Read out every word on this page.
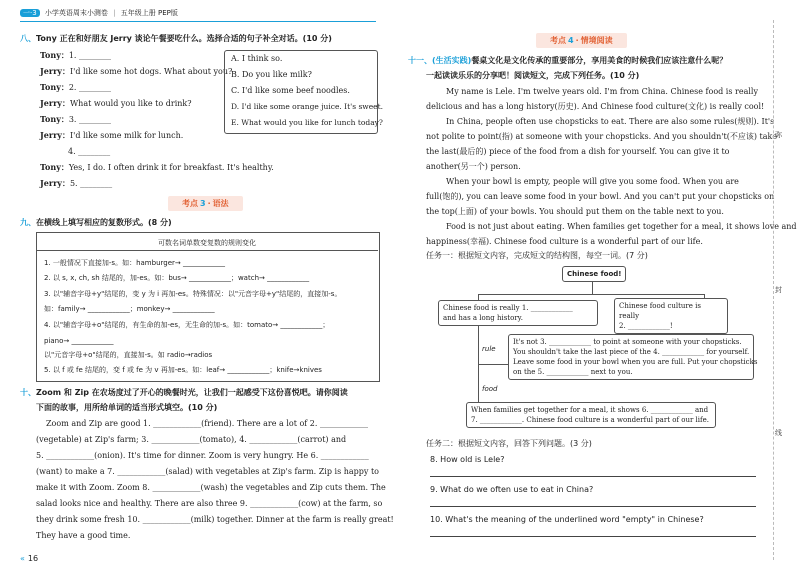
一·3 小学英语周末小测卷 | 五年级上册 PEP版
八、Tony 正在和好朋友 Jerry 谈论午餐要吃什么。选择合适的句子补全对话。(10 分)
Tony：1. ________
Jerry：I'd like some hot dogs. What about you?
Tony：2. ________
Jerry：What would you like to drink?
Tony：3. ________
Jerry：I'd like some milk for lunch.
4. ________
Tony：Yes, I do. I often drink it for breakfast. It's healthy.
Jerry：5. ________
A. I think so.
B. Do you like milk?
C. I'd like some beef noodles.
D. I'd like some orange juice. It's sweet.
E. What would you like for lunch today?
考点 3 · 语法
九、在横线上填写相应的复数形式。(8 分)
可数名词单数变复数的规则变化
1. 一般情况下直接加-s。如：hamburger→ ____________
2. 以 s, x, ch, sh 结尾的，加-es。如：bus→ ____________；watch→ ____________
3. 以"辅音字母+y"结尾的，变 y 为 i 再加-es。特殊情况：以"元音字母+y"结尾的，直接加-s。
如：family→ ____________；monkey→ ____________
4. 以"辅音字母+o"结尾的，有生命的加-es，无生命的加-s。如：tomato→ ____________；
piano→ ____________
以"元音字母+o"结尾的，直接加-s。如 radio→radios
5. 以 f 或 fe 结尾的，变 f 或 fe 为 v 再加-es。如：leaf→ ____________；knife→knives
十、Zoom 和 Zip 在农场度过了开心的晚餐时光，让我们一起感受下这份喜悦吧。请你阅读
下面的故事，用所给单词的适当形式填空。(10 分)
Zoom and Zip are good 1. ____________(friend). There are a lot of 2. ____________
(vegetable) at Zip's farm; 3. ____________(tomato), 4. ____________(carrot) and
5. ____________(onion). It's time for dinner. Zoom is very hungry. He 6. ____________
(want) to make a 7. ____________(salad) with vegetables at Zip's farm. Zip is happy to
make it with Zoom. Zoom 8. ____________(wash) the vegetables and Zip cuts them. The
salad looks nice and healthy. There are also three 9. ____________(cow) at the farm, so
they drink some fresh 10. ____________(milk) together. Dinner at the farm is really great!
They have a good time.
« 16
考点 4 · 情境阅读
十一、(生活实践)餐桌文化是文化传承的重要部分，享用美食的时候我们应该注意什么呢？
一起读读乐乐的分享吧！阅读短文，完成下列任务。(10 分)
My name is Lele. I'm twelve years old. I'm from China. Chinese food is really
delicious and has a long history(历史). And Chinese food culture(文化) is really cool!
In China, people often use chopsticks to eat. There are also some rules(规则). It's
not polite to point(指) at someone with your chopsticks. And you shouldn't(不应该) take
the last(最后的) piece of the food from a dish for yourself. You can give it to
another(另一个) person.
When your bowl is empty, people will give you some food. When you are
full(饱的), you can leave some food in your bowl. And you can't put your chopsticks on
the top(上面) of your bowls. You should put them on the table next to you.
Food is not just about eating. When families get together for a meal, it shows love and
happiness(幸福). Chinese food culture is a wonderful part of our life.
任务一：根据短文内容，完成短文的结构图，每空一词。(7 分)
Chinese food!
Chinese food is really 1. ____________
and has a long history.
Chinese food culture is really
2. ____________!
rule
food
It's not 3. ____________ to point at someone with your chopsticks.
You shouldn't take the last piece of the 4. ____________ for yourself.
Leave some food in your bowl when you are full. Put your chopsticks
on the 5. ____________ next to you.
When families get together for a meal, it shows 6. ____________ and
7. ____________. Chinese food culture is a wonderful part of our life.
任务二：根据短文内容，回答下列问题。(3 分)
8. How old is Lele?
9. What do we often use to eat in China?
10. What's the meaning of the underlined word "empty" in Chinese?
弥
封
线
